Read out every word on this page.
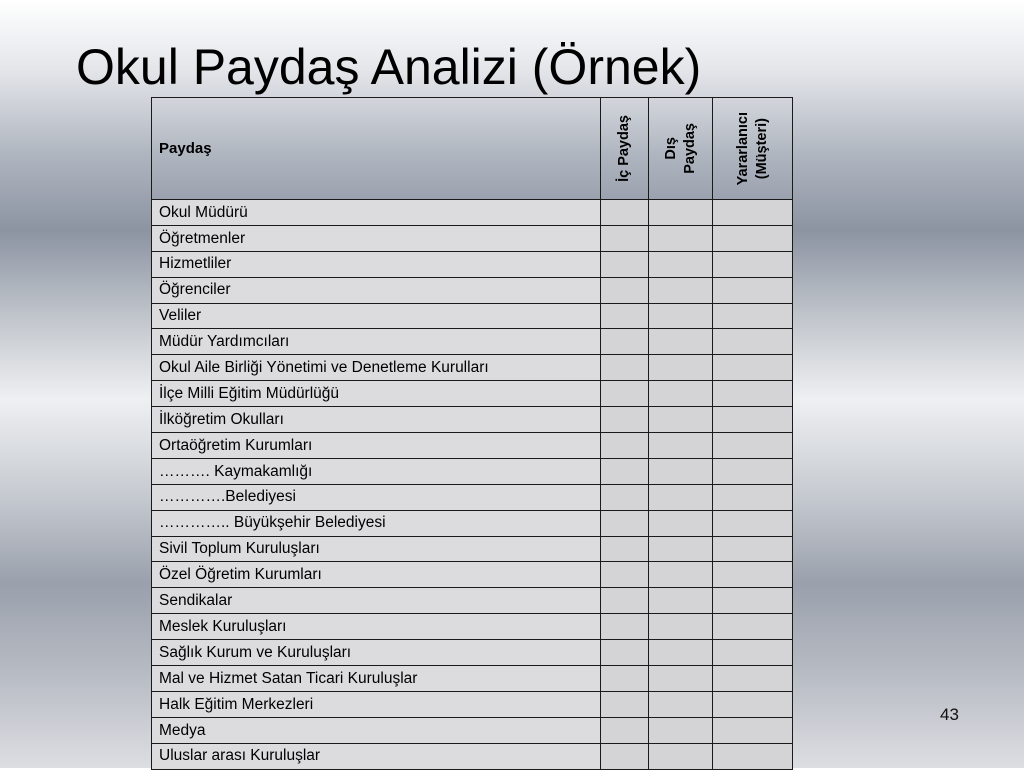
Okul Paydaş Analizi (Örnek)
Paydaş	İç Paydaş	Dış Paydaş	Yararlanıcı (Müşteri)

Okul Müdürü			
Öğretmenler			
Hizmetliler			
Öğrenciler			
Veliler			
Müdür Yardımcıları			
Okul Aile Birliği Yönetimi ve Denetleme Kurulları			
İlçe Milli Eğitim Müdürlüğü			
İlköğretim Okulları			
Ortaöğretim Kurumları			
………. Kaymakamlığı			
………….Belediyesi			
………….. Büyükşehir Belediyesi			
Sivil Toplum Kuruluşları			
Özel Öğretim Kurumları			
Sendikalar			
Meslek Kuruluşları			
Sağlık Kurum ve Kuruluşları			
Mal ve Hizmet Satan Ticari Kuruluşlar			
Halk Eğitim Merkezleri			
Medya			
Uluslar arası Kuruluşlar			
43
